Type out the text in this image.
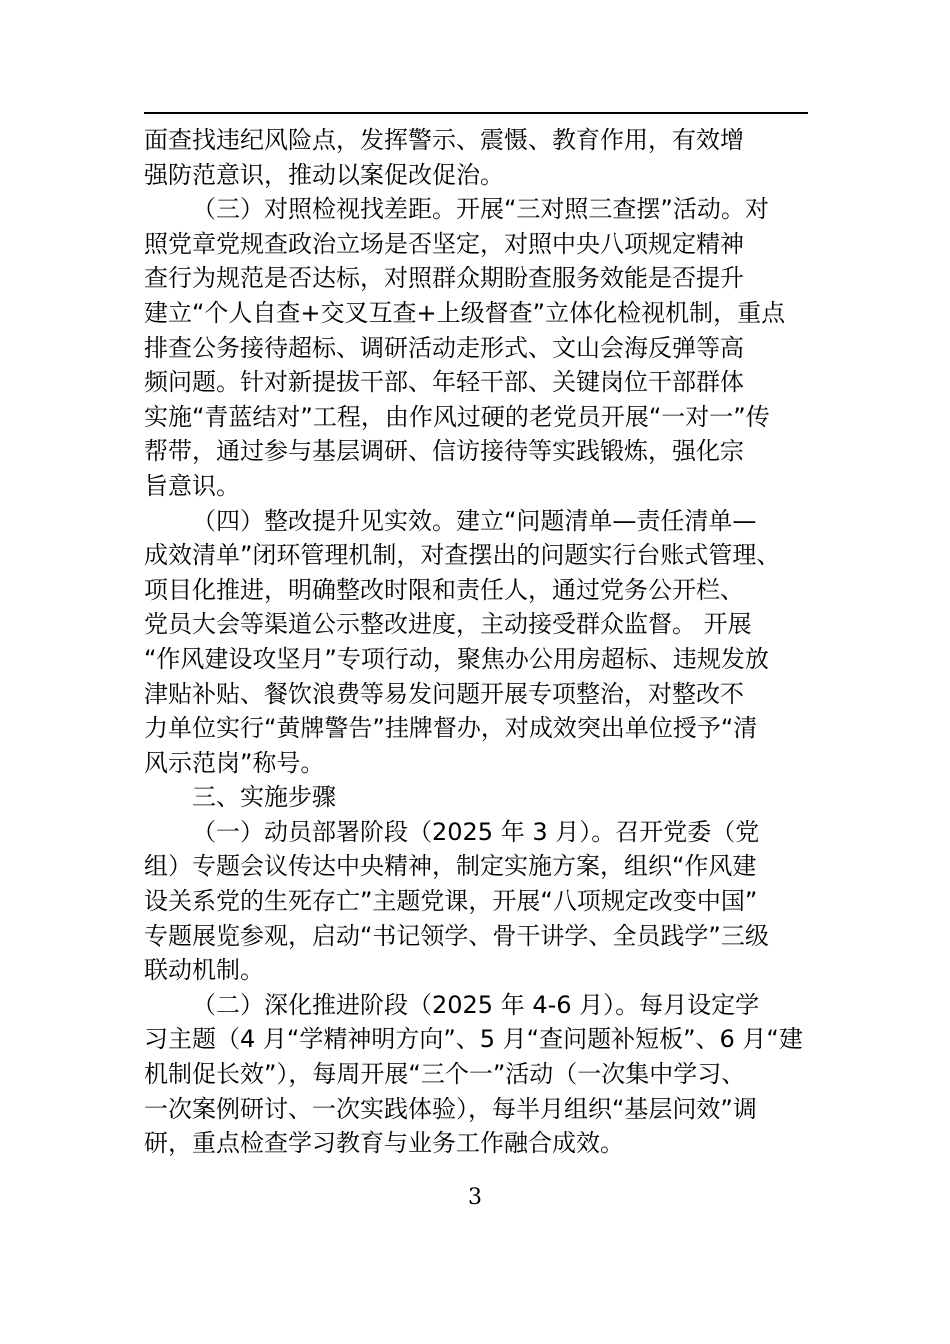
面查找违纪风险点，发挥警示、震慑、教育作用，有效增
强防范意识，推动以案促改促治。
（三）对照检视找差距。开展“三对照三查摆”活动。对
照党章党规查政治立场是否坚定，对照中央八项规定精神
查行为规范是否达标，对照群众期盼查服务效能是否提升
建立“个人自查+交叉互查+上级督查”立体化检视机制，重点
排查公务接待超标、调研活动走形式、文山会海反弹等高
频问题。针对新提拔干部、年轻干部、关键岗位干部群体
实施“青蓝结对”工程，由作风过硬的老党员开展“一对一”传
帮带，通过参与基层调研、信访接待等实践锻炼，强化宗
旨意识。
（四）整改提升见实效。建立“问题清单—责任清单—
成效清单”闭环管理机制，对查摆出的问题实行台账式管理、
项目化推进，明确整改时限和责任人，通过党务公开栏、
党员大会等渠道公示整改进度，主动接受群众监督。 开展
“作风建设攻坚月”专项行动，聚焦办公用房超标、违规发放
津贴补贴、餐饮浪费等易发问题开展专项整治，对整改不
力单位实行“黄牌警告”挂牌督办，对成效突出单位授予“清
风示范岗”称号。
三、实施步骤
（一）动员部署阶段（2025 年 3 月）。召开党委（党
组）专题会议传达中央精神，制定实施方案，组织“作风建
设关系党的生死存亡”主题党课，开展“八项规定改变中国”
专题展览参观，启动“书记领学、骨干讲学、全员践学”三级
联动机制。
（二）深化推进阶段（2025 年 4-6 月）。每月设定学
习主题（4 月“学精神明方向”、5 月“查问题补短板”、6 月“建
机制促长效”），每周开展“三个一”活动（一次集中学习、
一次案例研讨、一次实践体验），每半月组织“基层问效”调
研，重点检查学习教育与业务工作融合成效。
3
